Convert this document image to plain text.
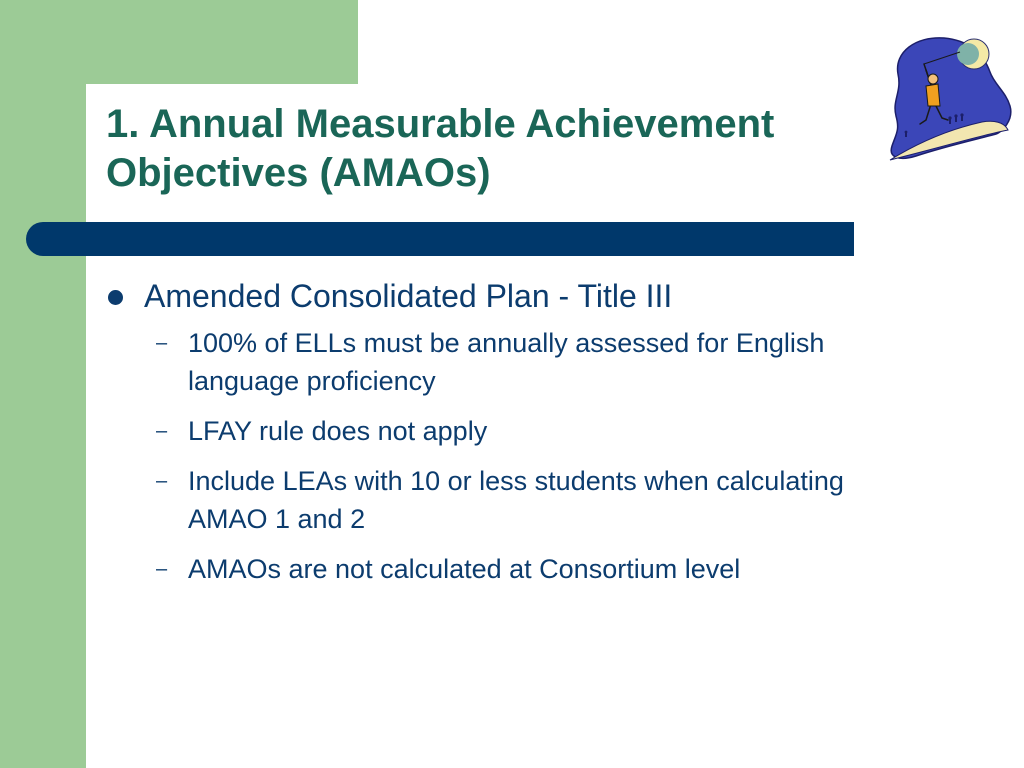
1. Annual Measurable Achievement
Objectives (AMAOs)
Amended Consolidated Plan - Title III
– 100% of ELLs must be annually assessed for English language proficiency
– LFAY rule does not apply
– Include LEAs with 10 or less students when calculating AMAO 1 and 2
– AMAOs are not calculated at Consortium level
